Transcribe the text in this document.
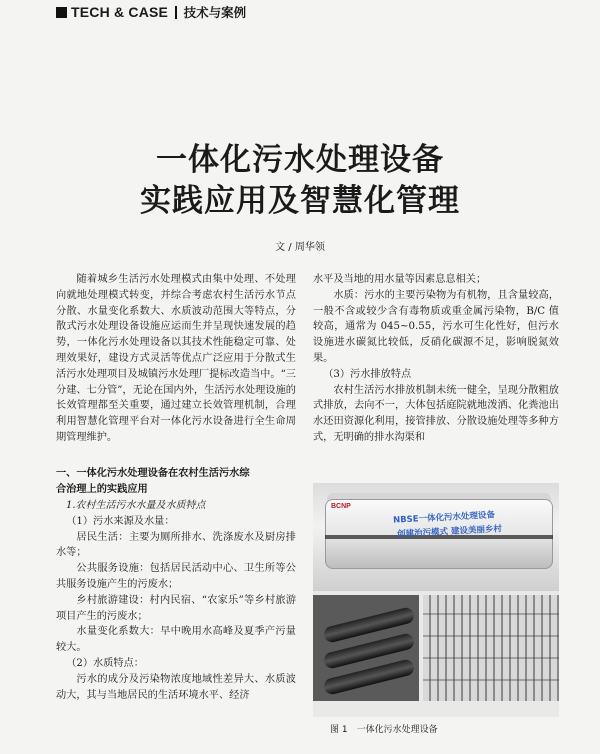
TECH & CASE 技术与案例
一体化污水处理设备
实践应用及智慧化管理
文 / 周华领

随着城乡生活污水处理模式由集中处理、不处理向就地处理模式转变，并综合考虑农村生活污水节点分散、水量变化系数大、水质波动范围大等特点，分散式污水处理设备设施应运而生并呈现快速发展的趋势，一体化污水处理设备以其技术性能稳定可靠、处理效果好，建设方式灵活等优点广泛应用于分散式生活污水处理项目及城镇污水处理厂提标改造当中。“三分建、七分管”，无论在国内外，生活污水处理设施的长效管理都至关重要，通过建立长效管理机制，合理利用智慧化管理平台对一体化污水设备进行全生命周期管理维护。

一、一体化污水处理设备在农村生活污水综
合治理上的实践应用

1.农村生活污水水量及水质特点

（1）污水来源及水量：

居民生活：主要为厕所排水、洗涤废水及厨房排水等；

公共服务设施：包括居民活动中心、卫生所等公共服务设施产生的污废水；

乡村旅游建设：村内民宿、“农家乐”等乡村旅游项目产生的污废水；

水量变化系数大：早中晚用水高峰及夏季产污量较大。

（2）水质特点：

污水的成分及污染物浓度地域性差异大、水质波动大，其与当地居民的生活环境水平、经济

水平及当地的用水量等因素息息相关；

水质：污水的主要污染物为有机物，且含量较高，一般不含或较少含有毒物质或重金属污染物，B/C 值较高，通常为 045~0.55，污水可生化性好，但污水设施进水碳氮比较低，反硝化碳源不足，影响脱氮效果。

（3）污水排放特点

农村生活污水排放机制未统一健全，呈现分散粗放式排放，去向不一，大体包括庭院就地泼洒、化粪池出水还田资源化利用，接管排放、分散设施处理等多种方式，无明确的排水沟渠和

BCNP
NBSE一体化污水处理设备
创建治污模式 建设美丽乡村
图 1　一体化污水处理设备
